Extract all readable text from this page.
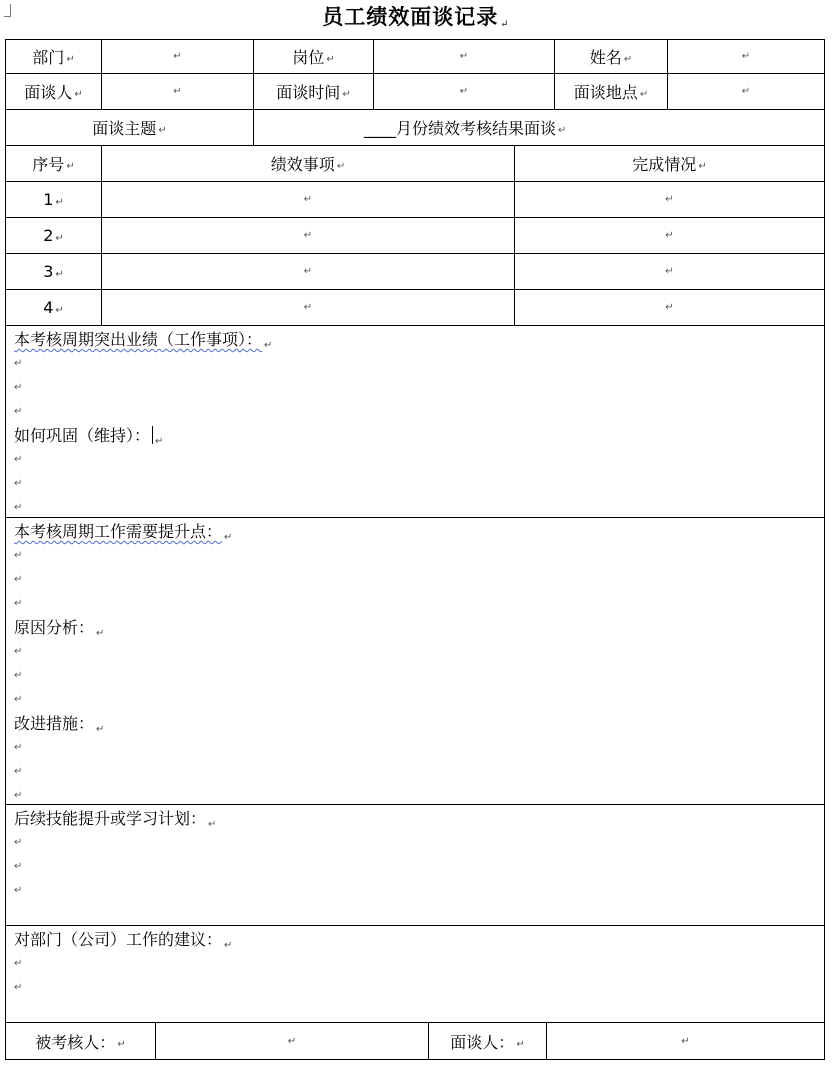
员工绩效面谈记录 ↵
部门 ↵	↵	岗位 ↵	↵	姓名 ↵	↵
面谈人 ↵	↵	面谈时间 ↵	↵	面谈地点 ↵	↵
面谈主题 ↵	____月份绩效考核结果面谈 ↵
序号 ↵	绩效事项 ↵	完成情况 ↵
1 ↵	↵	↵
2 ↵	↵	↵
3 ↵	↵	↵
4 ↵	↵	↵
本考核周期突出业绩（工作事项）： ↵
↵
↵
↵
如何巩固（维持）： ↵
↵
↵
↵
本考核周期工作需要提升点： ↵
↵
↵
↵
原因分析： ↵
↵
↵
↵
改进措施： ↵
↵
↵
↵
后续技能提升或学习计划： ↵
↵
↵
↵
对部门（公司）工作的建议： ↵
↵
↵
被考核人： ↵	↵	面谈人： ↵	↵
